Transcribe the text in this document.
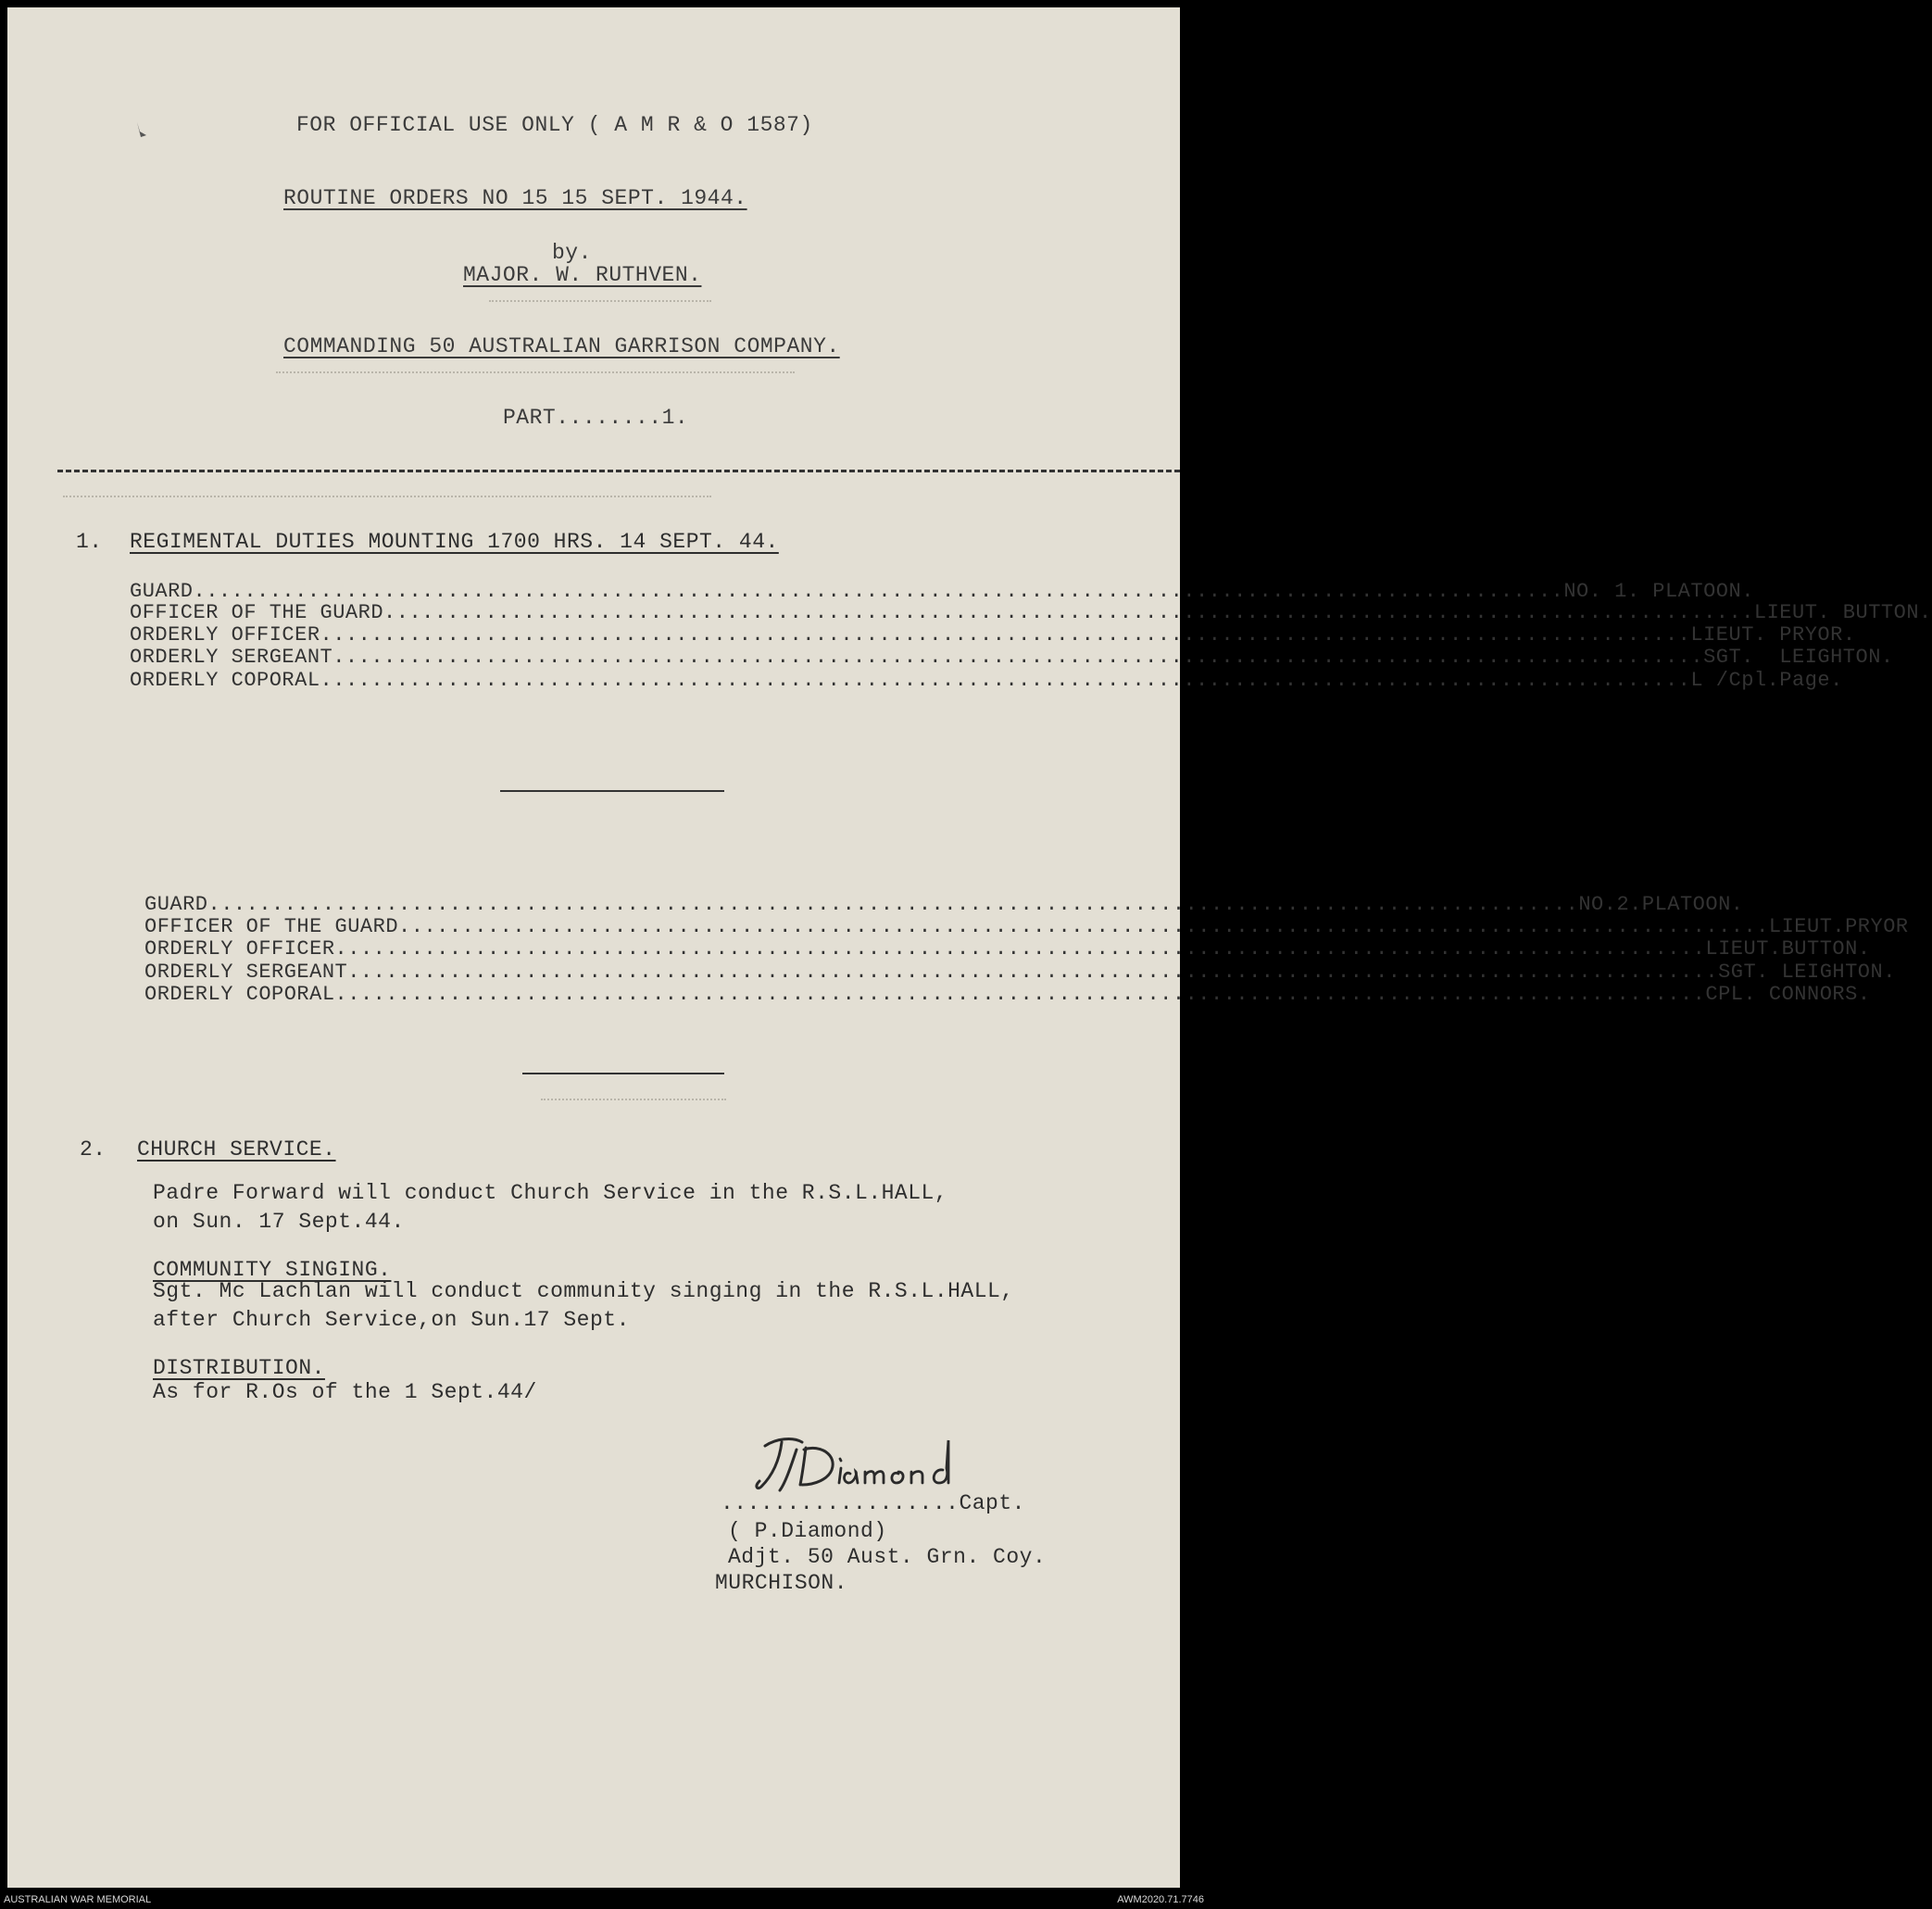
FOR OFFICIAL USE ONLY ( A M R & O 1587)
ROUTINE ORDERS NO 15 15 SEPT. 1944.
by.
MAJOR. W. RUTHVEN.
COMMANDING 50 AUSTRALIAN GARRISON COMPANY.
PART........1.
1. REGIMENTAL DUTIES MOUNTING 1700 HRS. 14 SEPT. 44.
GUARD ............................................................................................................ NO. 1. PLATOON.
OFFICER OF THE GUARD ............................................................................................................ LIEUT. BUTTON.
ORDERLY OFFICER ............................................................................................................ LIEUT. PRYOR.
ORDERLY SERGEANT ............................................................................................................ SGT.  LEIGHTON.
ORDERLY COPORAL ............................................................................................................ L /Cpl.Page.
GUARD ............................................................................................................ NO.2.PLATOON.
OFFICER OF THE GUARD ............................................................................................................ LIEUT.PRYOR
ORDERLY OFFICER ............................................................................................................ LIEUT.BUTTON.
ORDERLY SERGEANT ............................................................................................................ SGT. LEIGHTON.
ORDERLY COPORAL ............................................................................................................ CPL. CONNORS.
2. CHURCH SERVICE.
Padre Forward will conduct Church Service in the R.S.L.HALL,
on Sun. 17 Sept.44.
COMMUNITY SINGING.
Sgt. Mc Lachlan will conduct community singing in the R.S.L.HALL,
after Church Service,on Sun.17 Sept.
DISTRIBUTION.
As for R.Os of the 1 Sept.44/
..................Capt.
( P.Diamond)
Adjt. 50 Aust. Grn. Coy.
MURCHISON.
AUSTRALIAN WAR MEMORIAL	AWM2020.71.7746
